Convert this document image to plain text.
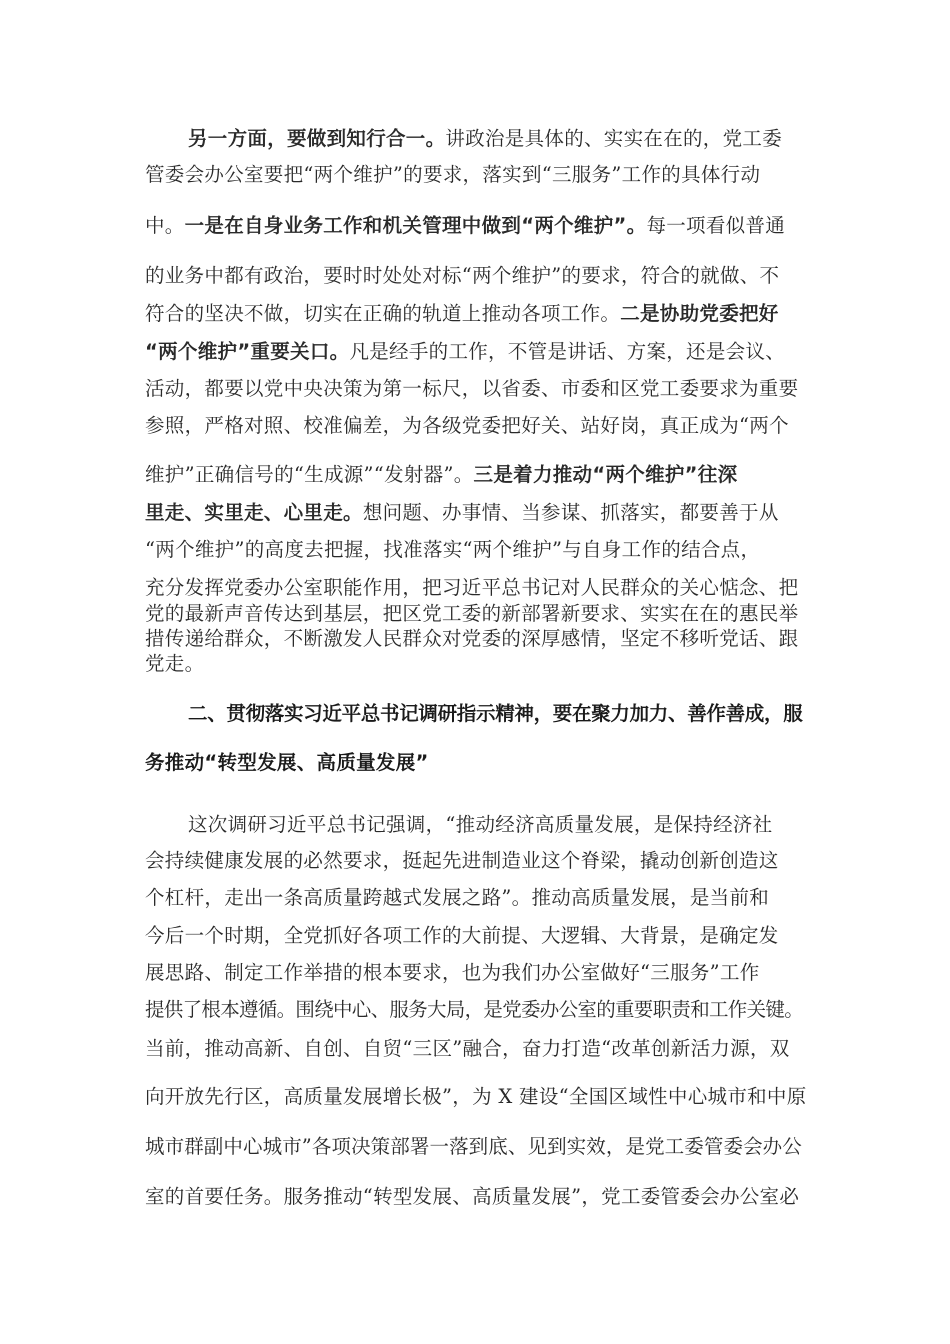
另一方面，要做到知行合一。讲政治是具体的、实实在在的，党工委
管委会办公室要把“两个维护”的要求，落实到“三服务”工作的具体行动
中。一是在自身业务工作和机关管理中做到“两个维护”。每一项看似普通
的业务中都有政治，要时时处处对标“两个维护”的要求，符合的就做、不
符合的坚决不做，切实在正确的轨道上推动各项工作。二是协助党委把好
“两个维护”重要关口。凡是经手的工作，不管是讲话、方案，还是会议、
活动，都要以党中央决策为第一标尺，以省委、市委和区党工委要求为重要
参照，严格对照、校准偏差，为各级党委把好关、站好岗，真正成为“两个
维护”正确信号的“生成源”“发射器”。三是着力推动“两个维护”往深
里走、实里走、心里走。想问题、办事情、当参谋、抓落实，都要善于从
“两个维护”的高度去把握，找准落实“两个维护”与自身工作的结合点，
充分发挥党委办公室职能作用，把习近平总书记对人民群众的关心惦念、把
党的最新声音传达到基层，把区党工委的新部署新要求、实实在在的惠民举
措传递给群众，不断激发人民群众对党委的深厚感情，坚定不移听党话、跟
党走。
二、贯彻落实习近平总书记调研指示精神，要在聚力加力、善作善成，服
务推动“转型发展、高质量发展”
这次调研习近平总书记强调，“推动经济高质量发展，是保持经济社
会持续健康发展的必然要求，挺起先进制造业这个脊梁，撬动创新创造这
个杠杆，走出一条高质量跨越式发展之路”。推动高质量发展，是当前和
今后一个时期，全党抓好各项工作的大前提、大逻辑、大背景，是确定发
展思路、制定工作举措的根本要求，也为我们办公室做好“三服务”工作
提供了根本遵循。围绕中心、服务大局，是党委办公室的重要职责和工作关键。
当前，推动高新、自创、自贸“三区”融合，奋力打造“改革创新活力源，双
向开放先行区，高质量发展增长极”，为 X 建设“全国区域性中心城市和中原
城市群副中心城市”各项决策部署一落到底、见到实效，是党工委管委会办公
室的首要任务。服务推动“转型发展、高质量发展”，党工委管委会办公室必
